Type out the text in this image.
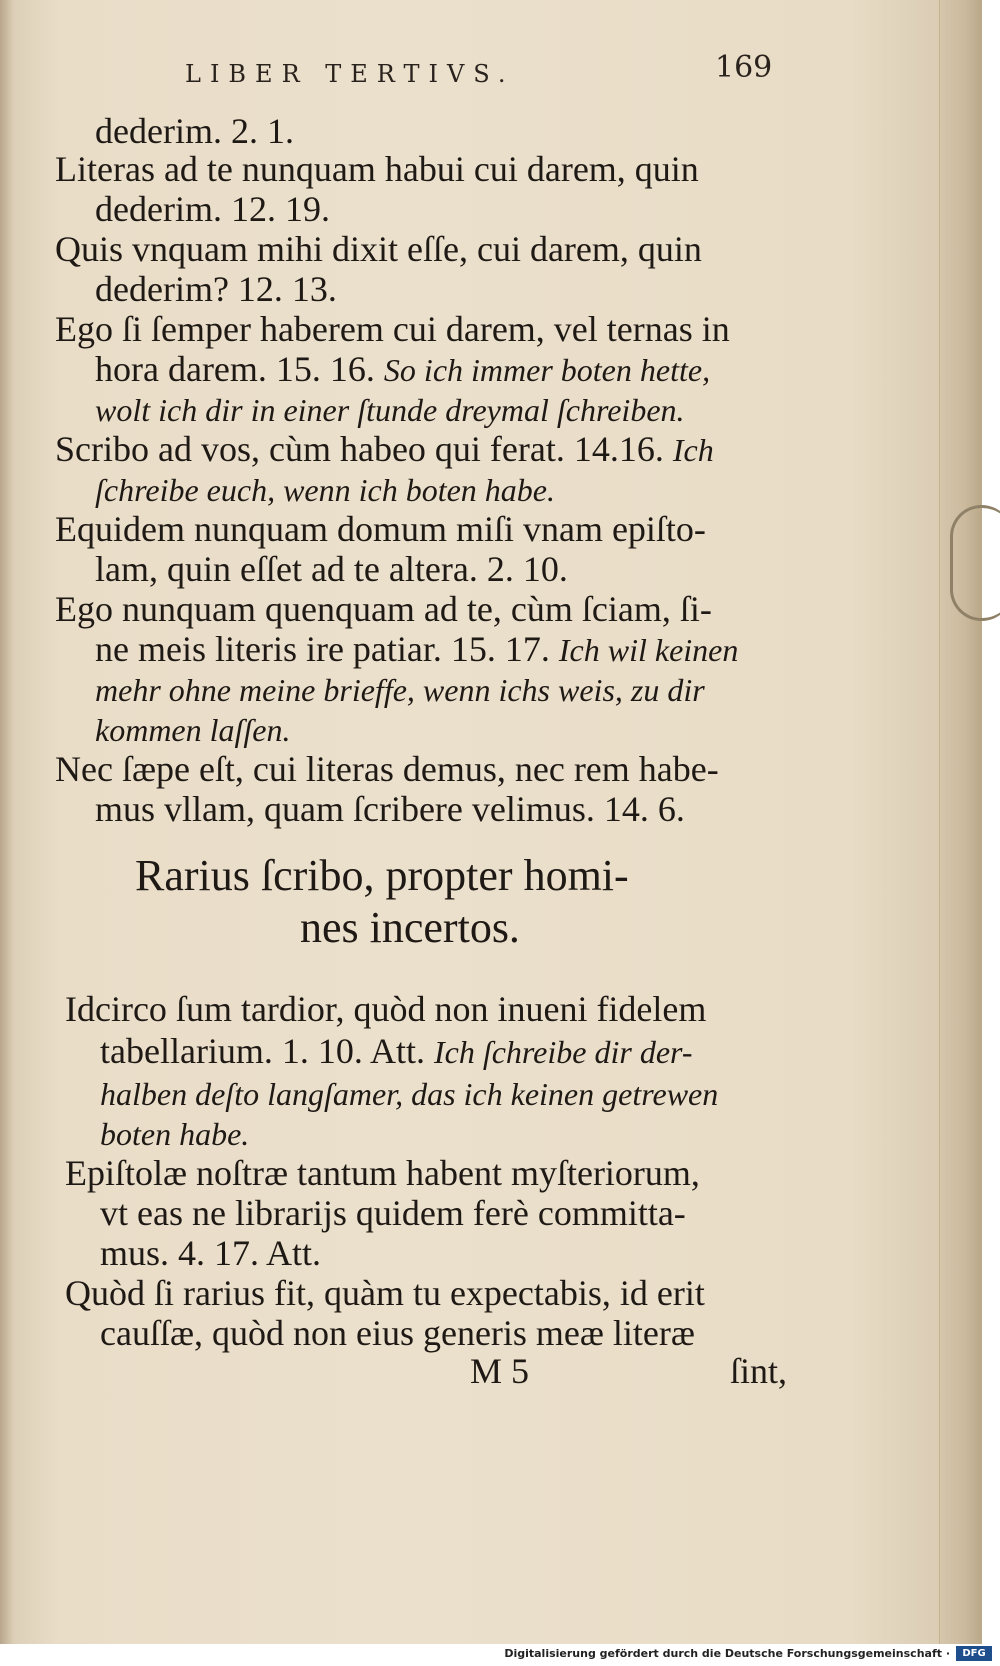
LIBER TERTIVS.	169
dederim. 2. 1.
Literas ad te nunquam habui cui darem, quin
dederim. 12. 19.
Quis vnquam mihi dixit eſſe, cui darem, quin
dederim? 12. 13.
Ego ſi ſemper haberem cui darem, vel ternas in
hora darem. 15. 16. So ich immer boten hette,
wolt ich dir in einer ſtunde dreymal ſchreiben.
Scribo ad vos, cùm habeo qui ferat. 14.16. Ich
ſchreibe euch, wenn ich boten habe.
Equidem nunquam domum miſi vnam epiſto-
lam, quin eſſet ad te altera. 2. 10.
Ego nunquam quenquam ad te, cùm ſciam, ſi-
ne meis literis ire patiar. 15. 17. Ich wil keinen
mehr ohne meine brieffe, wenn ichs weis, zu dir
kommen laſſen.
Nec ſæpe eſt, cui literas demus, nec rem habe-
mus vllam, quam ſcribere velimus. 14. 6.
Rarius ſcribo, propter homi-
nes incertos.
Idcirco ſum tardior, quòd non inueni fidelem
tabellarium. 1. 10. Att. Ich ſchreibe dir der-
halben deſto langſamer, das ich keinen getrewen
boten habe.
Epiſtolæ noſtræ tantum habent myſteriorum,
vt eas ne librarijs quidem ferè committa-
mus. 4. 17. Att.
Quòd ſi rarius fit, quàm tu expectabis, id erit
cauſſæ, quòd non eius generis meæ literæ
M 5	ſint,
Digitalisierung gefördert durch die Deutsche Forschungsgemeinschaft ·	DFG
